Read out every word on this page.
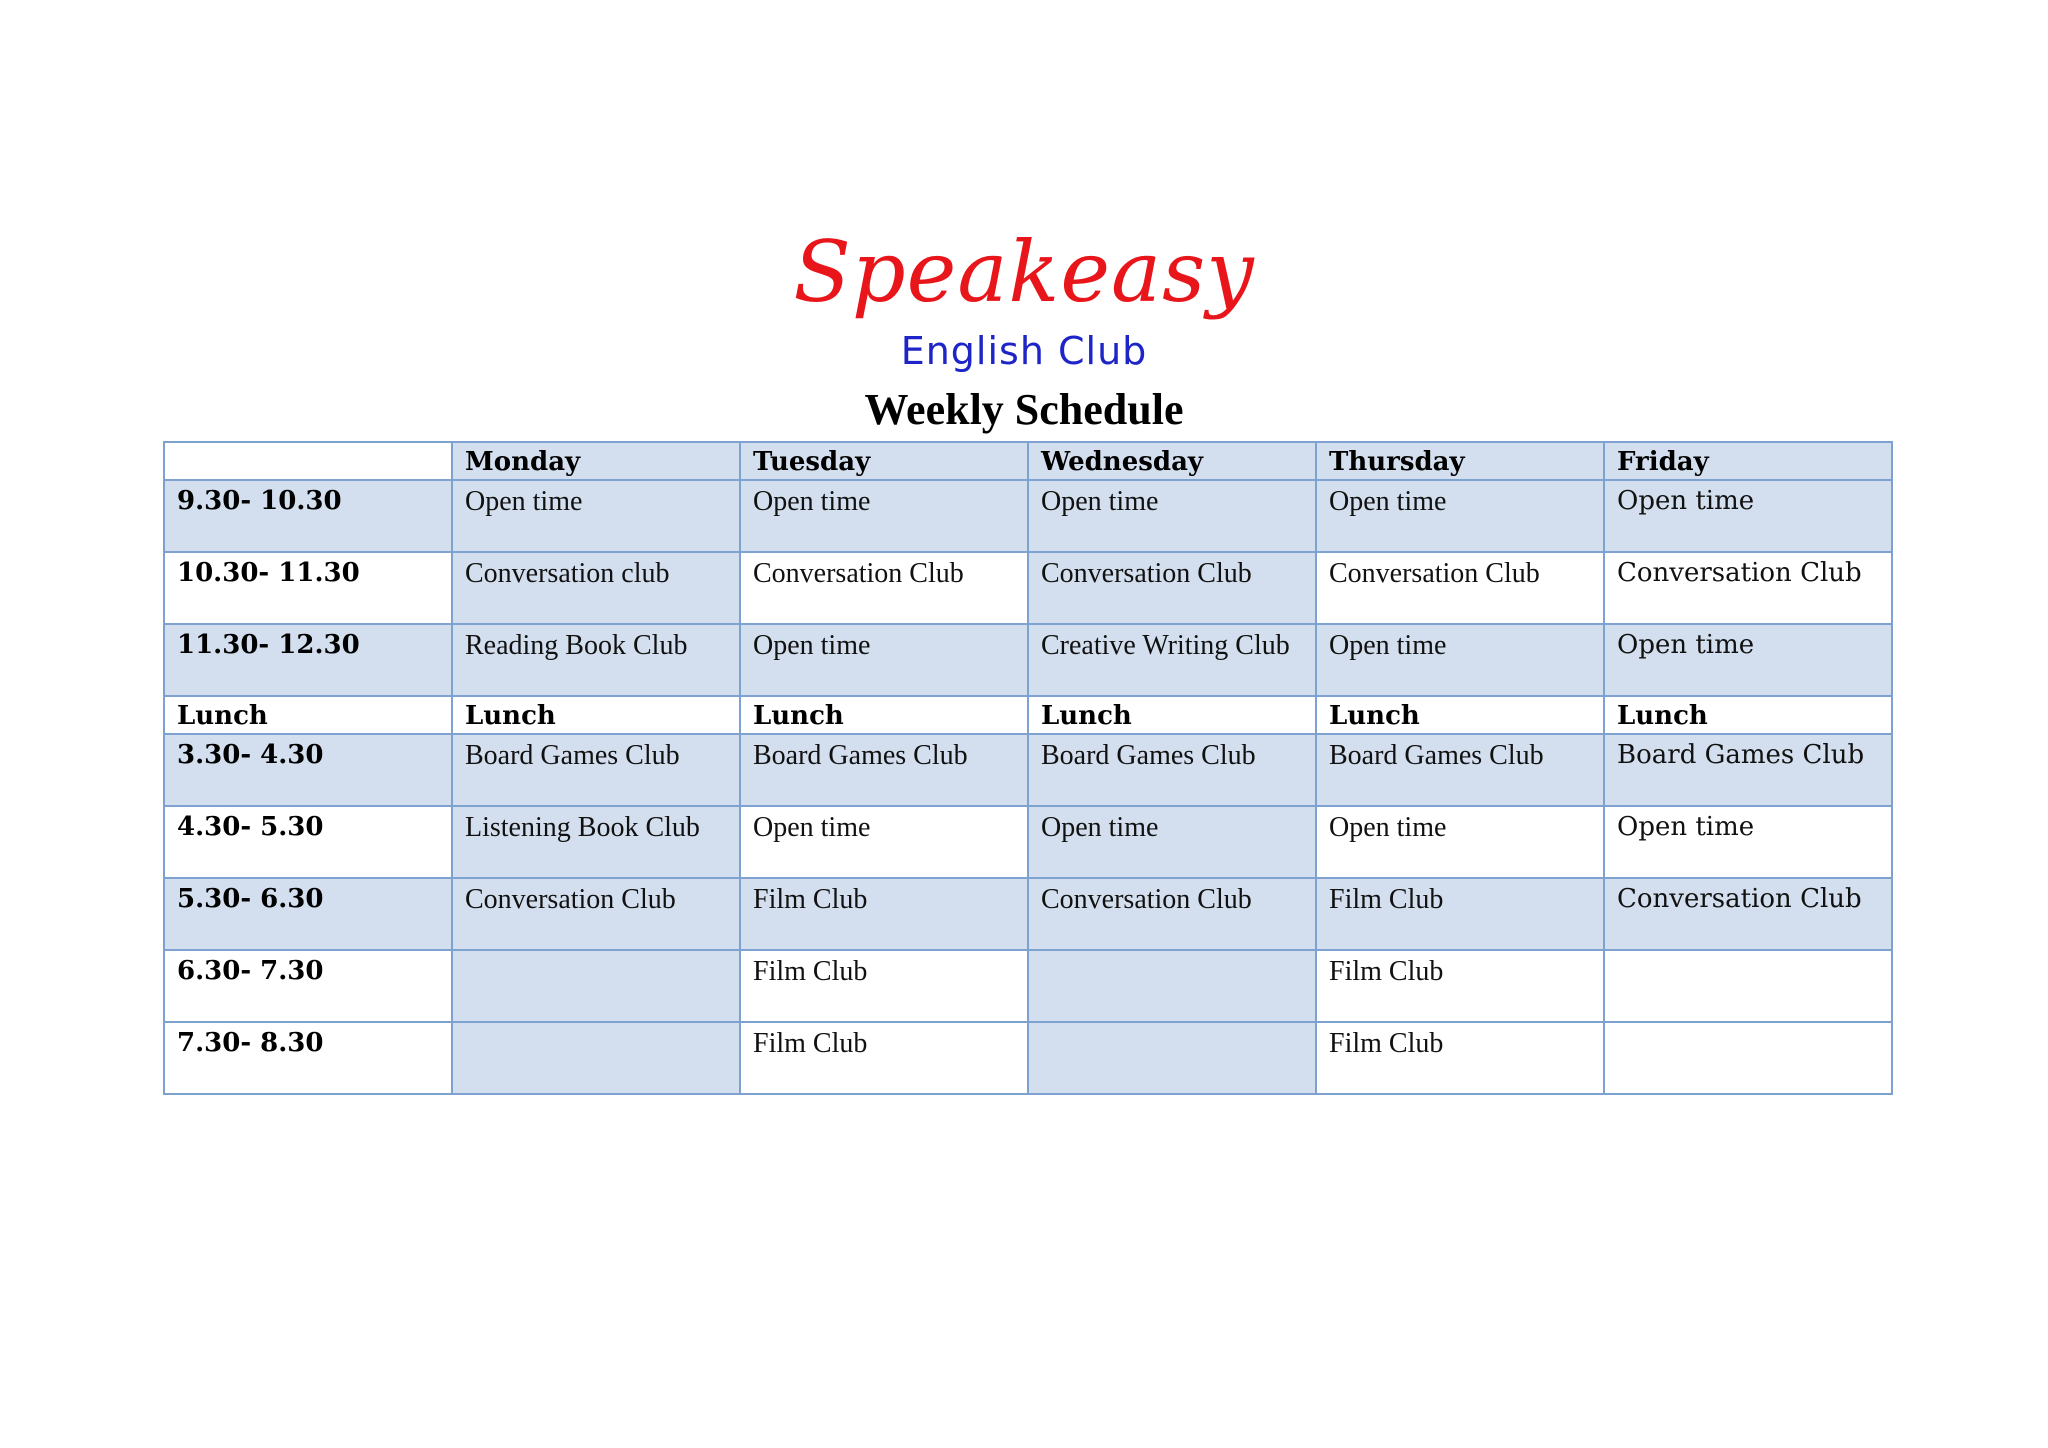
Speakeasy
English Club
Weekly Schedule
	Monday	Tuesday	Wednesday	Thursday	Friday
9.30- 10.30	Open time	Open time	Open time	Open time	Open time
10.30- 11.30	Conversation club	Conversation Club	Conversation Club	Conversation Club	Conversation Club
11.30- 12.30	Reading Book Club	Open time	Creative Writing Club	Open time	Open time
Lunch	Lunch	Lunch	Lunch	Lunch	Lunch
3.30- 4.30	Board Games Club	Board Games Club	Board Games Club	Board Games Club	Board Games Club
4.30- 5.30	Listening Book Club	Open time	Open time	Open time	Open time
5.30- 6.30	Conversation Club	Film Club	Conversation Club	Film Club	Conversation Club
6.30- 7.30		Film Club		Film Club	
7.30- 8.30		Film Club		Film Club	
